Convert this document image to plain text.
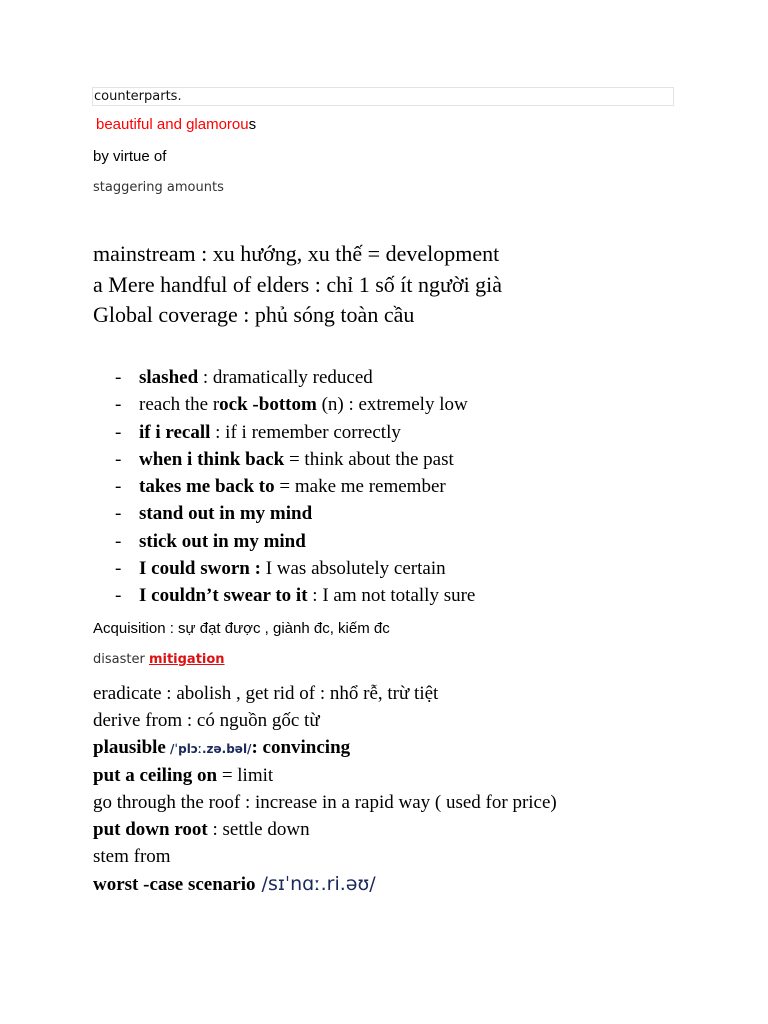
counterparts.
beautiful and glamorous
by virtue of
staggering amounts
mainstream : xu hướng, xu thế = development
a Mere handful of elders : chỉ 1 số ít người già
Global coverage : phủ sóng toàn cầu
- slashed : dramatically reduced
- reach the rock -bottom (n) : extremely low
- if i recall : if i remember correctly
- when i think back = think about the past
- takes me back to = make me remember
- stand out in my mind
- stick out in my mind
- I could sworn : I was absolutely certain
- I couldn’t swear to it : I am not totally sure
Acquisition : sự đạt được , giành đc, kiếm đc
disaster mitigation
eradicate : abolish , get rid of : nhổ rễ, trừ tiệt
derive from : có nguồn gốc từ
plausible /ˈplɔː.zə.bəl/: convincing
put a ceiling on = limit
go through the roof : increase in a rapid way ( used for price)
put down root : settle down
stem from
worst -case scenario /sɪˈnɑː.ri.əʊ/
